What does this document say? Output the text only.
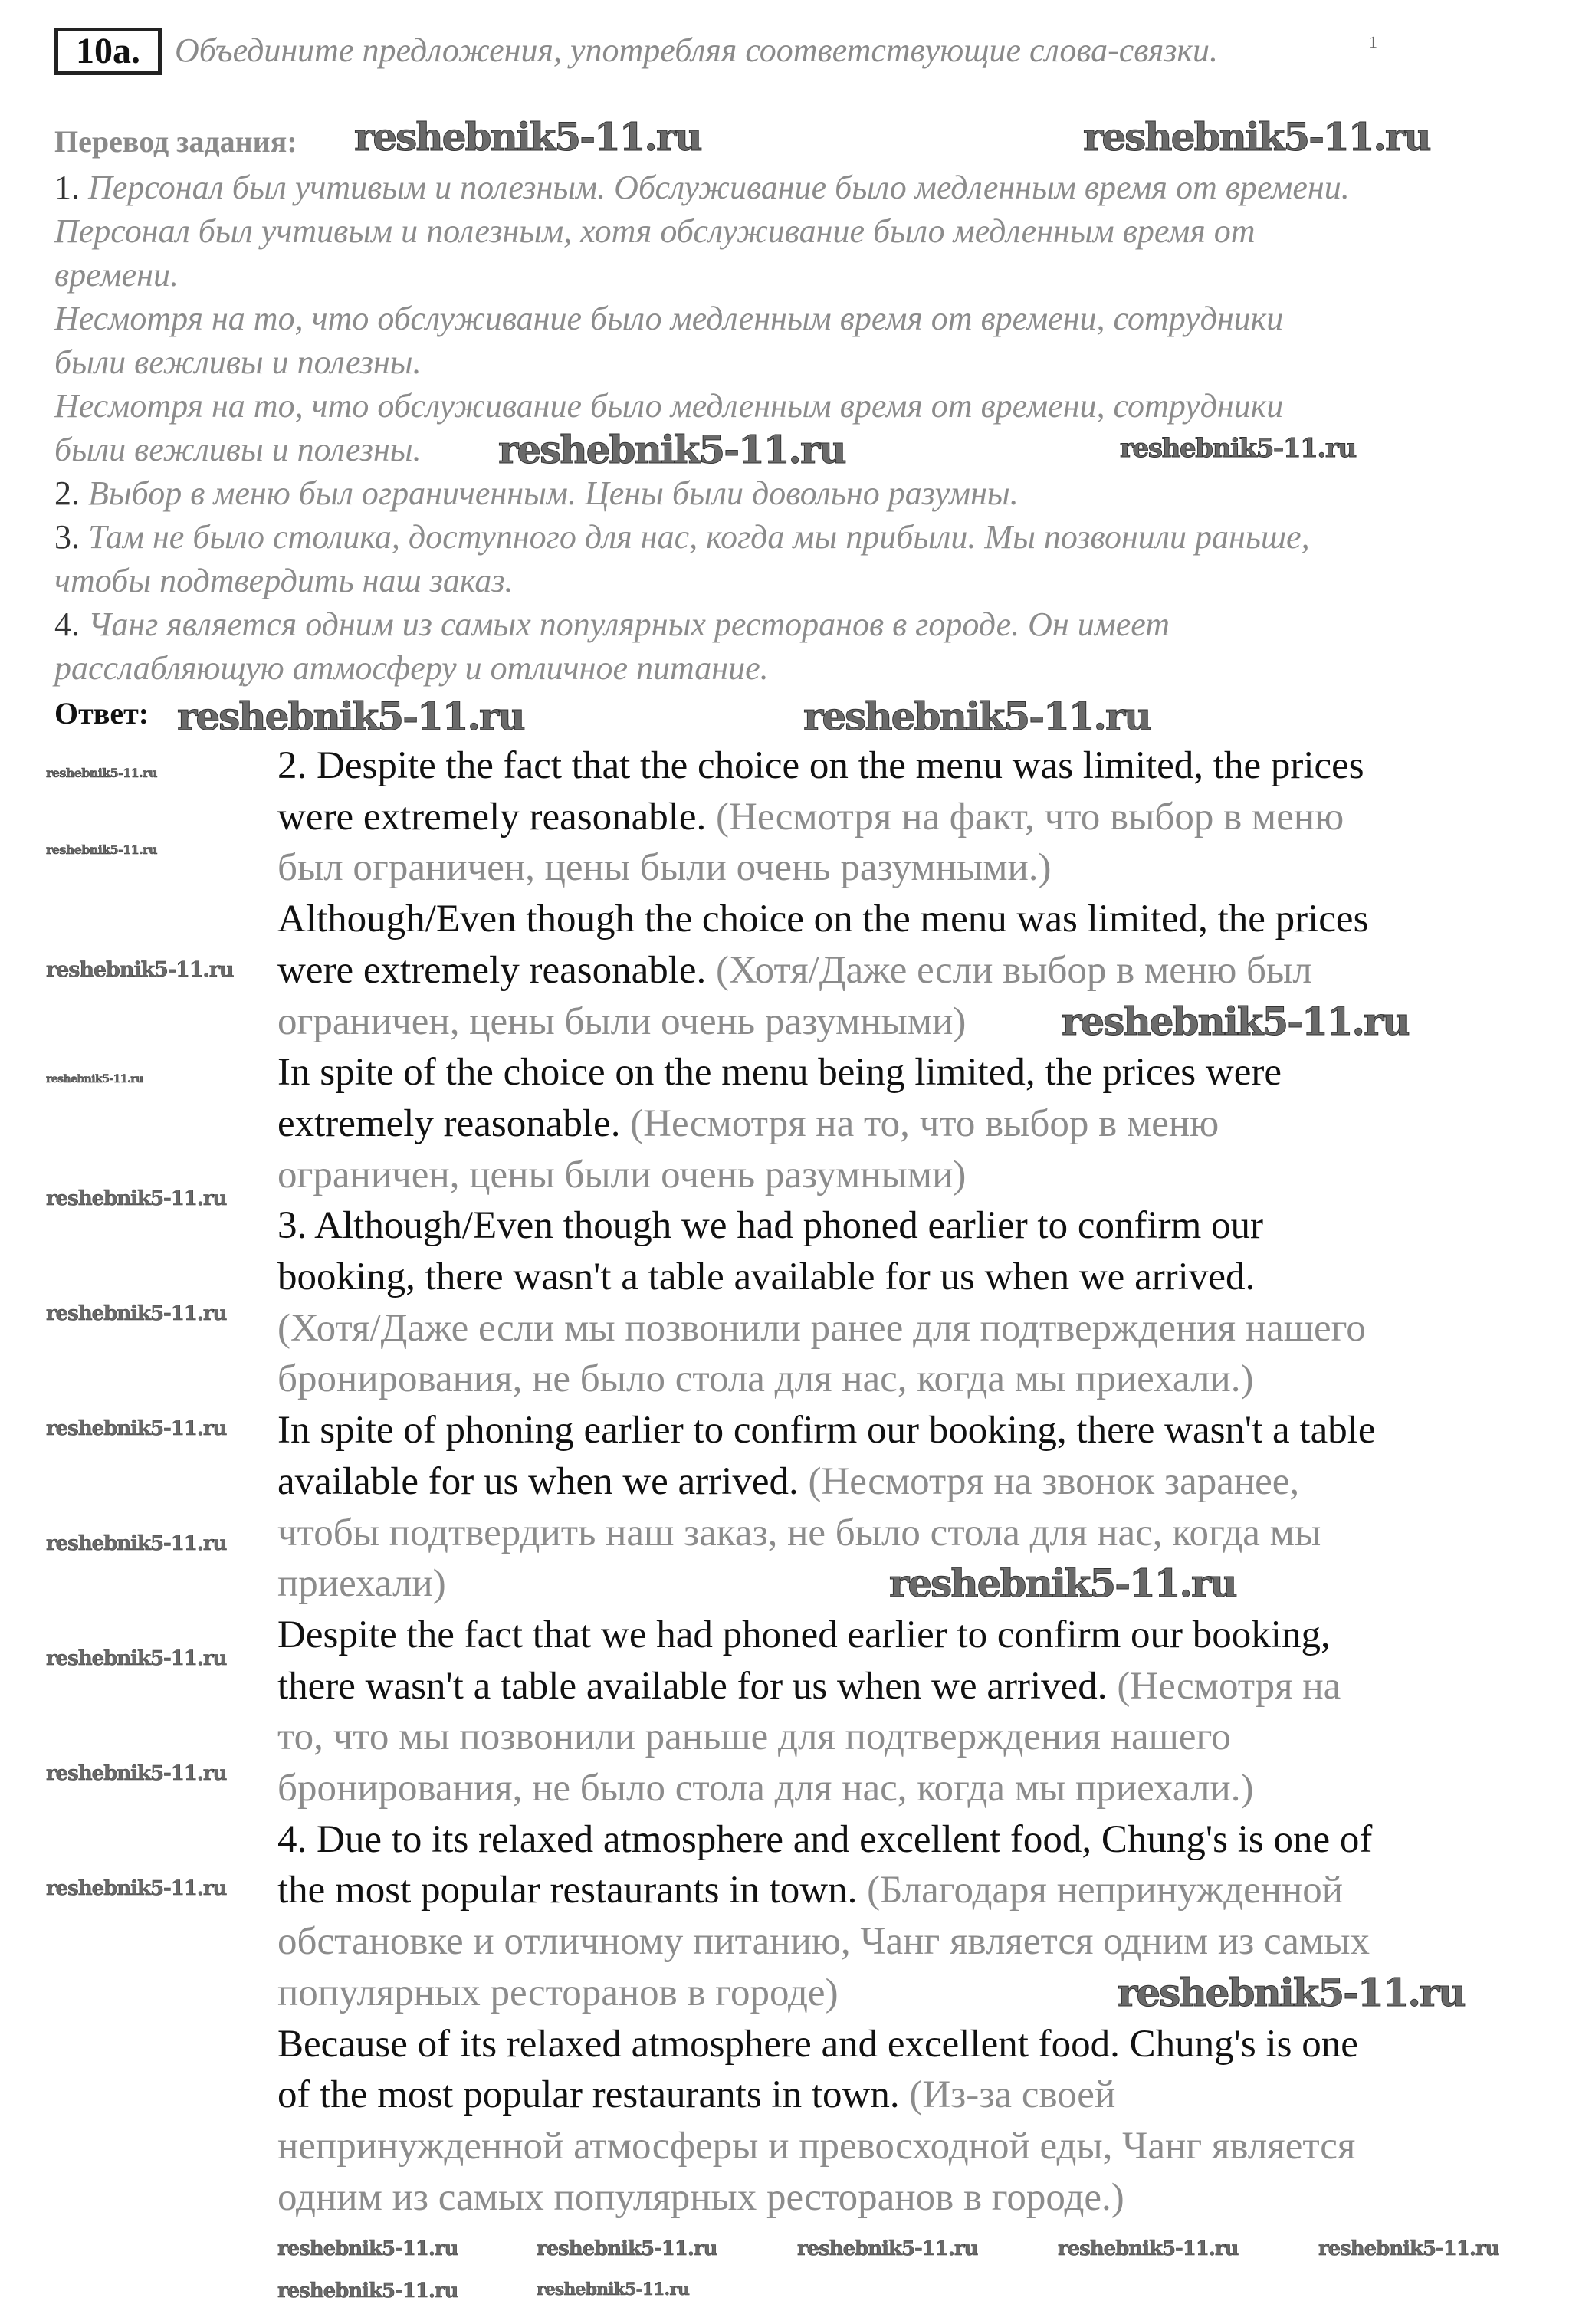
10a.	Объедините предложения, употребляя соответствующие слова-связки.	1
Перевод задания:
1. Персонал был учтивым и полезным. Обслуживание было медленным время от времени.
Персонал был учтивым и полезным, хотя обслуживание было медленным время от
времени.
Несмотря на то, что обслуживание было медленным время от времени, сотрудники
были вежливы и полезны.
Несмотря на то, что обслуживание было медленным время от времени, сотрудники
были вежливы и полезны.
2. Выбор в меню был ограниченным. Цены были довольно разумны.
3. Там не было столика, доступного для нас, когда мы прибыли. Мы позвонили раньше,
чтобы подтвердить наш заказ.
4. Чанг является одним из самых популярных ресторанов в городе. Он имеет
расслабляющую атмосферу и отличное питание.
Ответ:
2. Despite the fact that the choice on the menu was limited, the prices
were extremely reasonable. (Несмотря на факт, что выбор в меню
был ограничен, цены были очень разумными.)
Although/Even though the choice on the menu was limited, the prices
were extremely reasonable. (Хотя/Даже если выбор в меню был
ограничен, цены были очень разумными)
In spite of the choice on the menu being limited, the prices were
extremely reasonable. (Несмотря на то, что выбор в меню
ограничен, цены были очень разумными)
3. Although/Even though we had phoned earlier to confirm our
booking, there wasn't a table available for us when we arrived.
(Хотя/Даже если мы позвонили ранее для подтверждения нашего
бронирования, не было стола для нас, когда мы приехали.)
In spite of phoning earlier to confirm our booking, there wasn't a table
available for us when we arrived. (Несмотря на звонок заранее,
чтобы подтвердить наш заказ, не было стола для нас, когда мы
приехали)
Despite the fact that we had phoned earlier to confirm our booking,
there wasn't a table available for us when we arrived. (Несмотря на
то, что мы позвонили раньше для подтверждения нашего
бронирования, не было стола для нас, когда мы приехали.)
4. Due to its relaxed atmosphere and excellent food, Chung's is one of
the most popular restaurants in town. (Благодаря непринужденной
обстановке и отличному питанию, Чанг является одним из самых
популярных ресторанов в городе)
Because of its relaxed atmosphere and excellent food. Chung's is one
of the most popular restaurants in town. (Из-за своей
непринужденной атмосферы и превосходной еды, Чанг является
одним из самых популярных ресторанов в городе.)
reshebnik5-11.ru	reshebnik5-11.ru
reshebnik5-11.ru
reshebnik5-11.ru	reshebnik5-11.ru
reshebnik5-11.ru
reshebnik5-11.ru
reshebnik5-11.ru
reshebnik5-11.ru
reshebnik5-11.ru
reshebnik5-11.ru
reshebnik5-11.ru
reshebnik5-11.ru
reshebnik5-11.ru
reshebnik5-11.ru
reshebnik5-11.ru
reshebnik5-11.ru
reshebnik5-11.ru
reshebnik5-11.ru
reshebnik5-11.ru
reshebnik5-11.ru	reshebnik5-11.ru	reshebnik5-11.ru	reshebnik5-11.ru	reshebnik5-11.ru
reshebnik5-11.ru	reshebnik5-11.ru
